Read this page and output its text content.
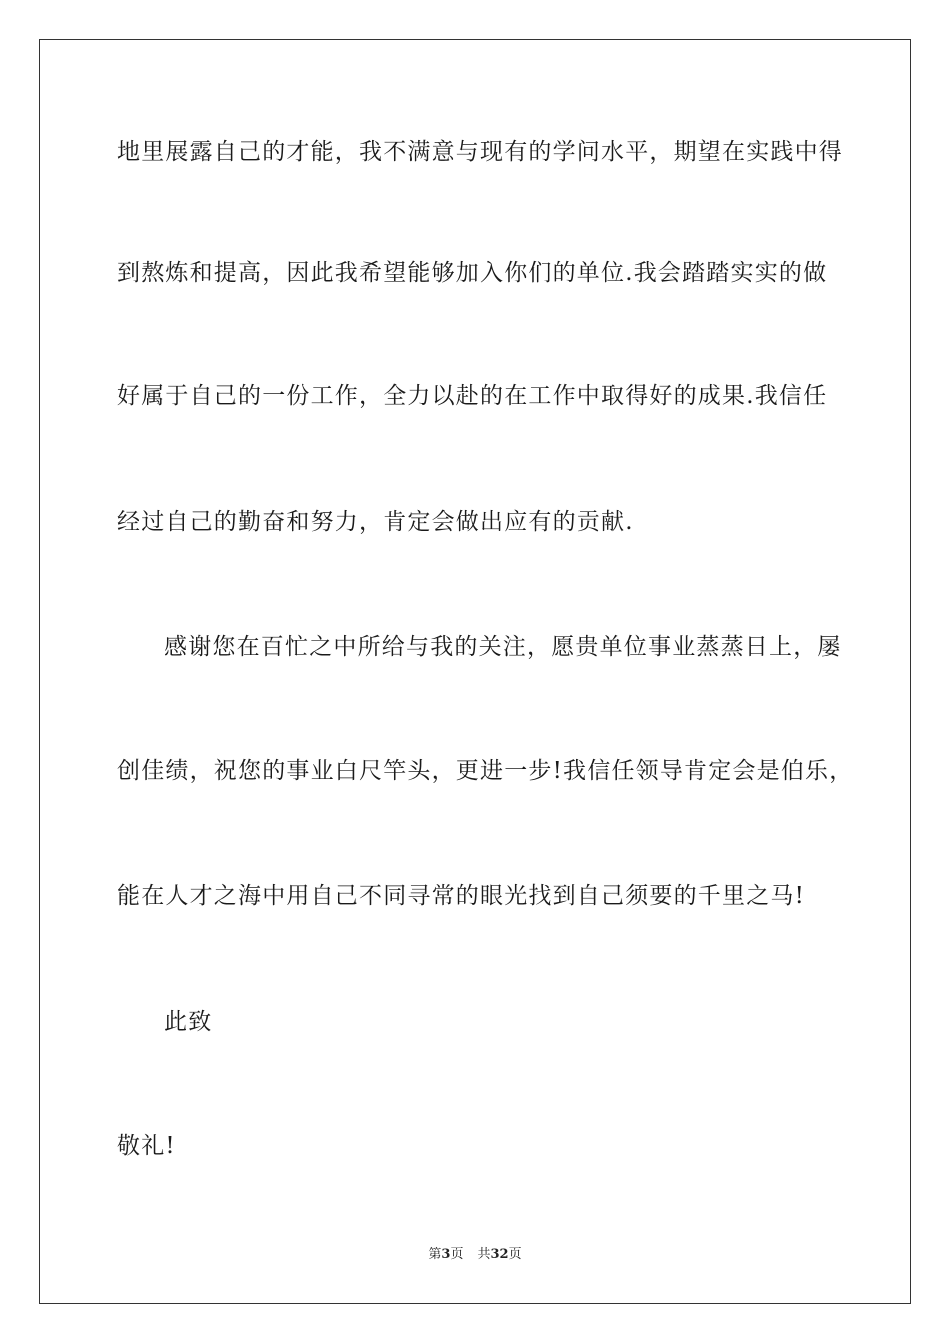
地里展露自己的才能，我不满意与现有的学问水平，期望在实践中得
到熬炼和提高，因此我希望能够加入你们的单位.我会踏踏实实的做
好属于自己的一份工作，全力以赴的在工作中取得好的成果.我信任
经过自己的勤奋和努力，肯定会做出应有的贡献.
感谢您在百忙之中所给与我的关注，愿贵单位事业蒸蒸日上，屡
创佳绩，祝您的事业白尺竿头，更进一步!我信任领导肯定会是伯乐，
能在人才之海中用自己不同寻常的眼光找到自己须要的千里之马!
此致
敬礼!
第3页 共32页
